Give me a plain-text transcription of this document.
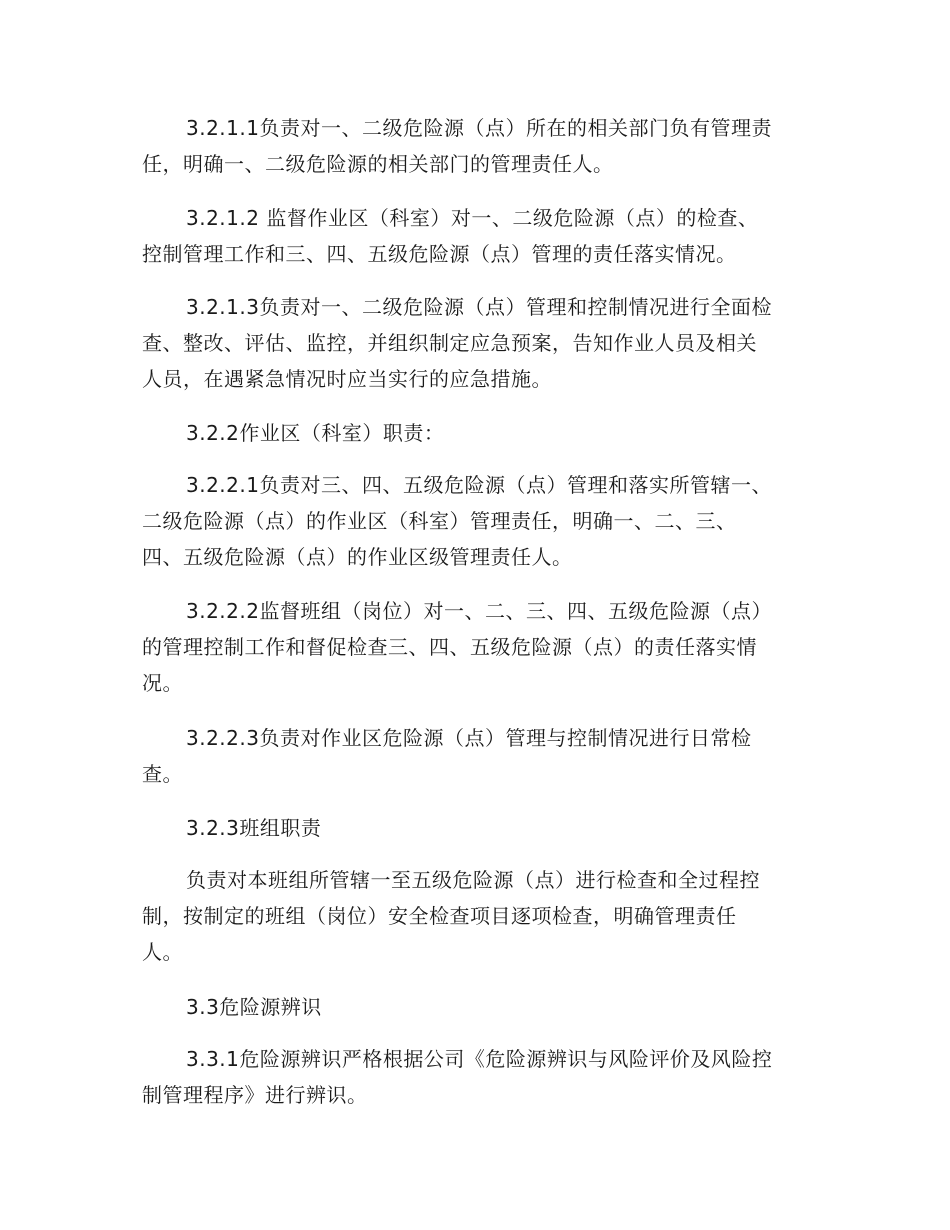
3.2.1.1负责对一、二级危险源（点）所在的相关部门负有管理责
任，明确一、二级危险源的相关部门的管理责任人。
3.2.1.2 监督作业区（科室）对一、二级危险源（点）的检查、
控制管理工作和三、四、五级危险源（点）管理的责任落实情况。
3.2.1.3负责对一、二级危险源（点）管理和控制情况进行全面检
查、整改、评估、监控，并组织制定应急预案，告知作业人员及相关
人员，在遇紧急情况时应当实行的应急措施。
3.2.2作业区（科室）职责：
3.2.2.1负责对三、四、五级危险源（点）管理和落实所管辖一、
二级危险源（点）的作业区（科室）管理责任，明确一、二、三、
四、五级危险源（点）的作业区级管理责任人。
3.2.2.2监督班组（岗位）对一、二、三、四、五级危险源（点）
的管理控制工作和督促检查三、四、五级危险源（点）的责任落实情
况。
3.2.2.3负责对作业区危险源（点）管理与控制情况进行日常检
查。
3.2.3班组职责
负责对本班组所管辖一至五级危险源（点）进行检查和全过程控
制，按制定的班组（岗位）安全检查项目逐项检查，明确管理责任
人。
3.3危险源辨识
3.3.1危险源辨识严格根据公司《危险源辨识与风险评价及风险控
制管理程序》进行辨识。
